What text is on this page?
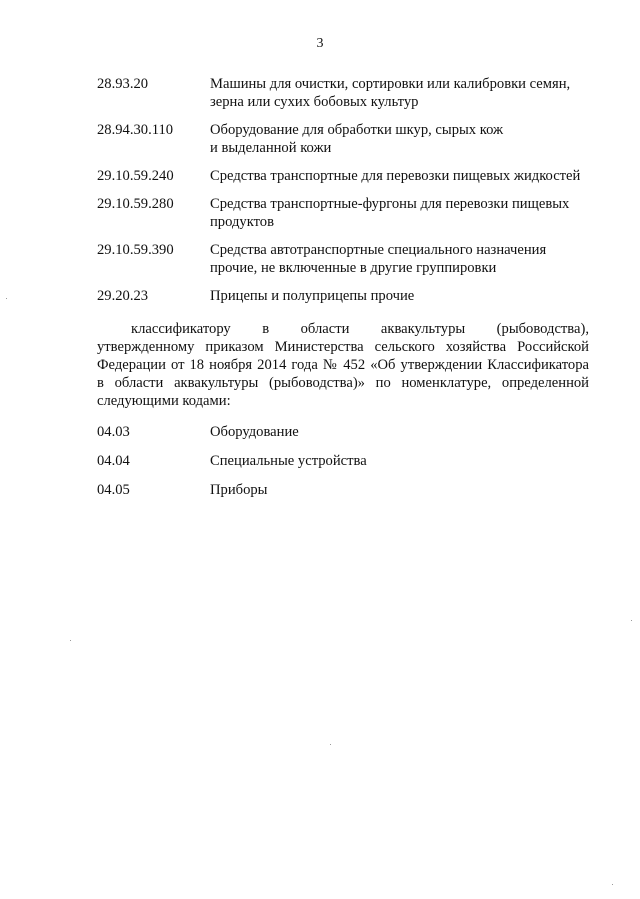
3
28.93.20	Машины для очистки, сортировки или калибровки семян,
зерна или сухих бобовых культур
28.94.30.110	Оборудование для обработки шкур, сырых кож
и выделанной кожи
29.10.59.240	Средства транспортные для перевозки пищевых жидкостей
29.10.59.280	Средства транспортные-фургоны для перевозки пищевых
продуктов
29.10.59.390	Средства автотранспортные специального назначения
прочие, не включенные в другие группировки
29.20.23	Прицепы и полуприцепы прочие
классификатору в области аквакультуры (рыбоводства),
утвержденному приказом Министерства сельского хозяйства Российской
Федерации от 18 ноября 2014 года № 452 «Об утверждении Классификатора
в области аквакультуры (рыбоводства)» по номенклатуре, определенной
следующими кодами:
04.03	Оборудование
04.04	Специальные устройства
04.05	Приборы
